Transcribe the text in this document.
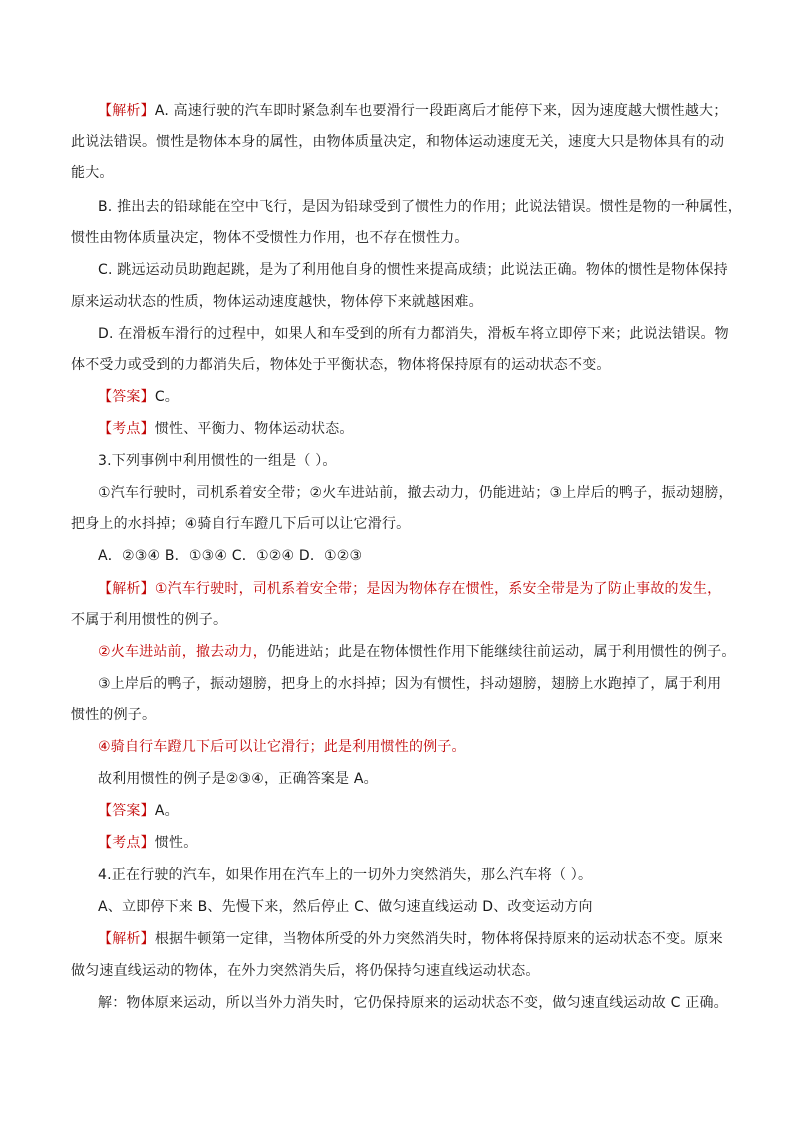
【解析】A. 高速行驶的汽车即时紧急刹车也要滑行一段距离后才能停下来，因为速度越大惯性越大；
此说法错误。惯性是物体本身的属性，由物体质量决定，和物体运动速度无关，速度大只是物体具有的动
能大。
B. 推出去的铅球能在空中飞行，是因为铅球受到了惯性力的作用；此说法错误。惯性是物的一种属性，
惯性由物体质量决定，物体不受惯性力作用，也不存在惯性力。
C. 跳远运动员助跑起跳，是为了利用他自身的惯性来提高成绩；此说法正确。物体的惯性是物体保持
原来运动状态的性质，物体运动速度越快，物体停下来就越困难。
D. 在滑板车滑行的过程中，如果人和车受到的所有力都消失，滑板车将立即停下来；此说法错误。物
体不受力或受到的力都消失后，物体处于平衡状态，物体将保持原有的运动状态不变。
【答案】C。
【考点】惯性、平衡力、物体运动状态。
3.下列事例中利用惯性的一组是（ ）。
①汽车行驶时，司机系着安全带；②火车进站前，撤去动力，仍能进站；③上岸后的鸭子，振动翅膀，
把身上的水抖掉；④骑自行车蹬几下后可以让它滑行。
A．②③④ B．①③④ C．①②④ D．①②③
【解析】①汽车行驶时，司机系着安全带；是因为物体存在惯性，系安全带是为了防止事故的发生，
不属于利用惯性的例子。
②火车进站前，撤去动力，仍能进站；此是在物体惯性作用下能继续往前运动，属于利用惯性的例子。
③上岸后的鸭子，振动翅膀，把身上的水抖掉；因为有惯性，抖动翅膀，翅膀上水跑掉了，属于利用
惯性的例子。
④骑自行车蹬几下后可以让它滑行；此是利用惯性的例子。
故利用惯性的例子是②③④，正确答案是 A。
【答案】A。
【考点】惯性。
4.正在行驶的汽车，如果作用在汽车上的一切外力突然消失，那么汽车将（ ）。
A、立即停下来 B、先慢下来，然后停止 C、做匀速直线运动 D、改变运动方向
【解析】根据牛顿第一定律，当物体所受的外力突然消失时，物体将保持原来的运动状态不变。原来
做匀速直线运动的物体，在外力突然消失后，将仍保持匀速直线运动状态。
解：物体原来运动，所以当外力消失时，它仍保持原来的运动状态不变，做匀速直线运动故 C 正确。
